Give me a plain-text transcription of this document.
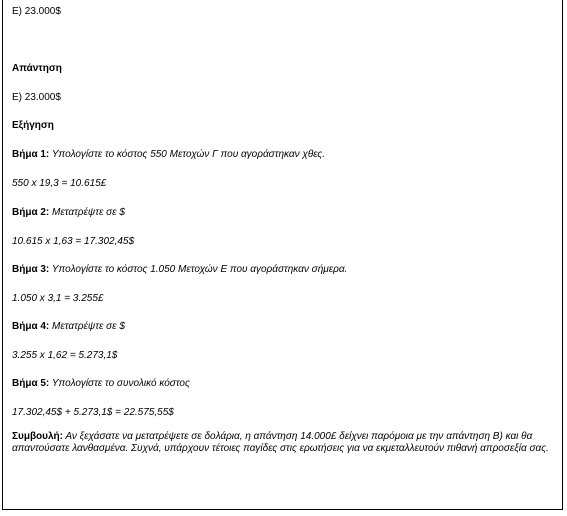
Ε) 23.000$
Απάντηση
Ε) 23.000$
Εξήγηση
Βήμα 1: Υπολογίστε το κόστος 550 Μετοχών Γ που αγοράστηκαν χθες.
550 x 19,3 = 10.615£
Βήμα 2: Μετατρέψτε σε $
10.615 x 1,63 = 17.302,45$
Βήμα 3: Υπολογίστε το κόστος 1.050 Μετοχών Ε που αγοράστηκαν σήμερα.
1.050 x 3,1 = 3.255£
Βήμα 4: Μετατρέψτε σε $
3.255 x 1,62 = 5.273,1$
Βήμα 5: Υπολογίστε το συνολικό κόστος
17.302,45$ + 5.273,1$ = 22.575,55$
Συμβουλή: Αν ξεχάσατε να μετατρέψετε σε δολάρια, η απάντηση 14.000£ δείχνει παρόμοια με την απάντηση Β) και θα απαντούσατε λανθασμένα. Συχνά, υπάρχουν τέτοιες παγίδες στις ερωτήσεις για να εκμεταλλευτούν πιθανή απροσεξία σας.
